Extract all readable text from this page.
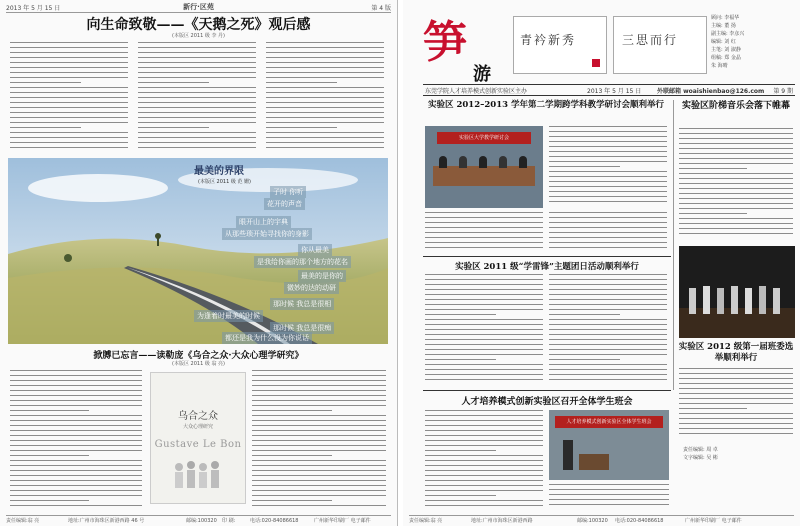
2013 年 5 月 15 日	新行·区苑	第 4 版
向生命致敬——《天鹅之死》观后感
(本版区 2011 级 李 丹)
最美的界限
(本版区 2011 级 范 姗)
子时 你听
花开的声音
眼开山上的宇典
从那些琐开始寻找你的身影
你从最美
是我给你画的那个地方的花名
最美的是你的
微妙的达的动研
那时候 我总是很相
为逢着时最美的时候
那时候 我总是很痴
都还是我为什么没为你说话
掀膊已忘言——读勒庞《乌合之众·大众心理学研究》
(本版区 2011 级 翁 亮)
乌合之众
大众心理研究
Gustave Le Bon
责任编辑:翁 亮	地址:广州市海珠区新港西路 46 号	邮编:100320 印 刷:	电话:020-84086618	广州新华印刷厂 电子邮件
笋
游
青衿新秀	三思而行
顾问: 李福华
主编: 董 扬
副主编: 李彦兴
编辑: 刘 红
主笔: 刘 淑静
组稿: 郑 金晶
朱 海晴
东莞学院人才培养模式创新实验区主办	2013 年 5 月 15 日	外联邮箱 woaishienbao@126.com 第 9 期
实验区 2012–2013 学年第二学期跨学科教学研讨会顺利举行
实验区大学教学研讨会
实验区阶梯音乐会落下帷幕
实验区 2011 级“学雷锋”主题团日活动顺利举行
实验区 2012 级第一届班委选举顺利举行
责任编辑: 周 卓
文字编辑: 吴 彬
人才培养模式创新实验区召开全体学生班会
人才培养模式创新实验区全体学生班会
责任编辑:翁 亮	地址:广州市海珠区新港西路	邮编:100320 电话:020-84086618	广州新华印刷厂 电子邮件
